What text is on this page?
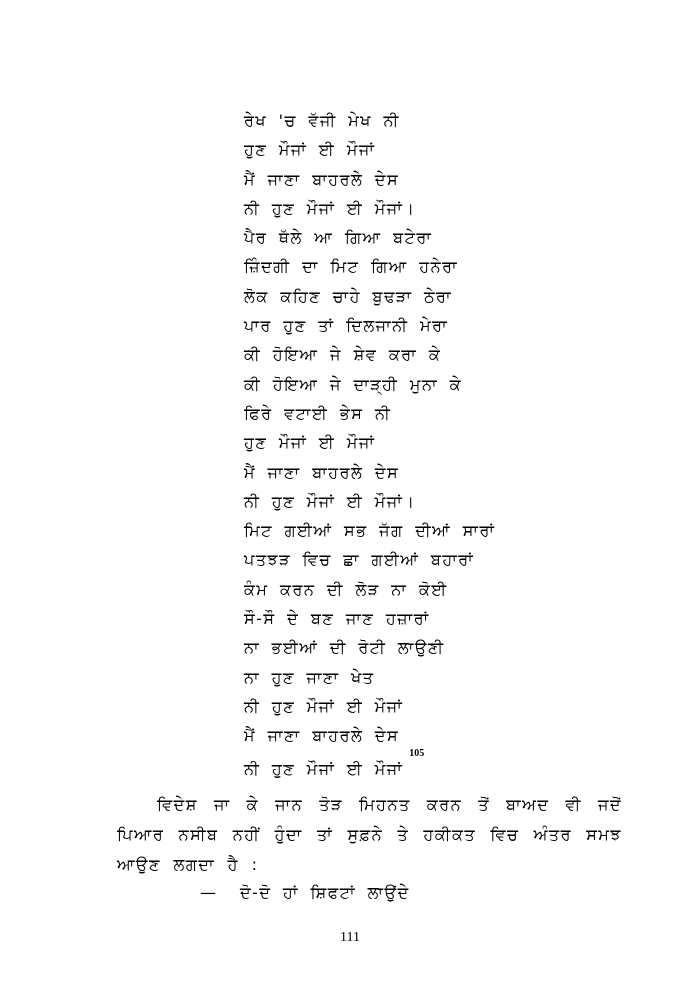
ਰੇਖ 'ਚ ਵੱਜੀ ਮੇਖ ਨੀ
ਹੁਣ ਮੌਜਾਂ ਈ ਮੌਜਾਂ
ਮੈਂ ਜਾਣਾ ਬਾਹਰਲੇ ਦੇਸ
ਨੀ ਹੁਣ ਮੌਜਾਂ ਈ ਮੌਜਾਂ।
ਪੈਰ ਥੱਲੇ ਆ ਗਿਆ ਬਟੇਰਾ
ਜ਼ਿੰਦਗੀ ਦਾ ਮਿਟ ਗਿਆ ਹਨੇਰਾ
ਲੋਕ ਕਹਿਣ ਚਾਹੇ ਬੁਢੜਾ ਠੇਰਾ
ਪਾਰ ਹੁਣ ਤਾਂ ਦਿਲਜਾਨੀ ਮੇਰਾ
ਕੀ ਹੋਇਆ ਜੇ ਸ਼ੇਵ ਕਰਾ ਕੇ
ਕੀ ਹੋਇਆ ਜੇ ਦਾੜ੍ਹੀ ਮੁਨਾ ਕੇ
ਫਿਰੇ ਵਟਾਈ ਭੇਸ ਨੀ
ਹੁਣ ਮੌਜਾਂ ਈ ਮੌਜਾਂ
ਮੈਂ ਜਾਣਾ ਬਾਹਰਲੇ ਦੇਸ
ਨੀ ਹੁਣ ਮੌਜਾਂ ਈ ਮੌਜਾਂ।
ਮਿਟ ਗਈਆਂ ਸਭ ਜੱਗ ਦੀਆਂ ਸਾਰਾਂ
ਪਤਝੜ ਵਿਚ ਛਾ ਗਈਆਂ ਬਹਾਰਾਂ
ਕੰਮ ਕਰਨ ਦੀ ਲੋੜ ਨਾ ਕੋਈ
ਸੌ-ਸੌ ਦੇ ਬਣ ਜਾਣ ਹਜ਼ਾਰਾਂ
ਨਾ ਭਈਆਂ ਦੀ ਰੋਟੀ ਲਾਉਣੀ
ਨਾ ਹੁਣ ਜਾਣਾ ਖੇਤ
ਨੀ ਹੁਣ ਮੌਜਾਂ ਈ ਮੌਜਾਂ
ਮੈਂ ਜਾਣਾ ਬਾਹਰਲੇ ਦੇਸ
ਨੀ ਹੁਣ ਮੌਜਾਂ ਈ ਮੌਜਾਂ$^{105}$

ਵਿਦੇਸ਼ ਜਾ ਕੇ ਜਾਨ ਤੋੜ ਮਿਹਨਤ ਕਰਨ ਤੋਂ ਬਾਅਦ ਵੀ ਜਦੋਂ ਪਿਆਰ ਨਸੀਬ ਨਹੀਂ ਹੁੰਦਾ ਤਾਂ ਸੁਫ਼ਨੇ ਤੇ ਹਕੀਕਤ ਵਿਚ ਅੰਤਰ ਸਮਝ ਆਉਣ ਲਗਦਾ ਹੈ :

— ਦੋ-ਦੋ ਹਾਂ ਸ਼ਿਫਟਾਂ ਲਾਉਂਦੇ
111
